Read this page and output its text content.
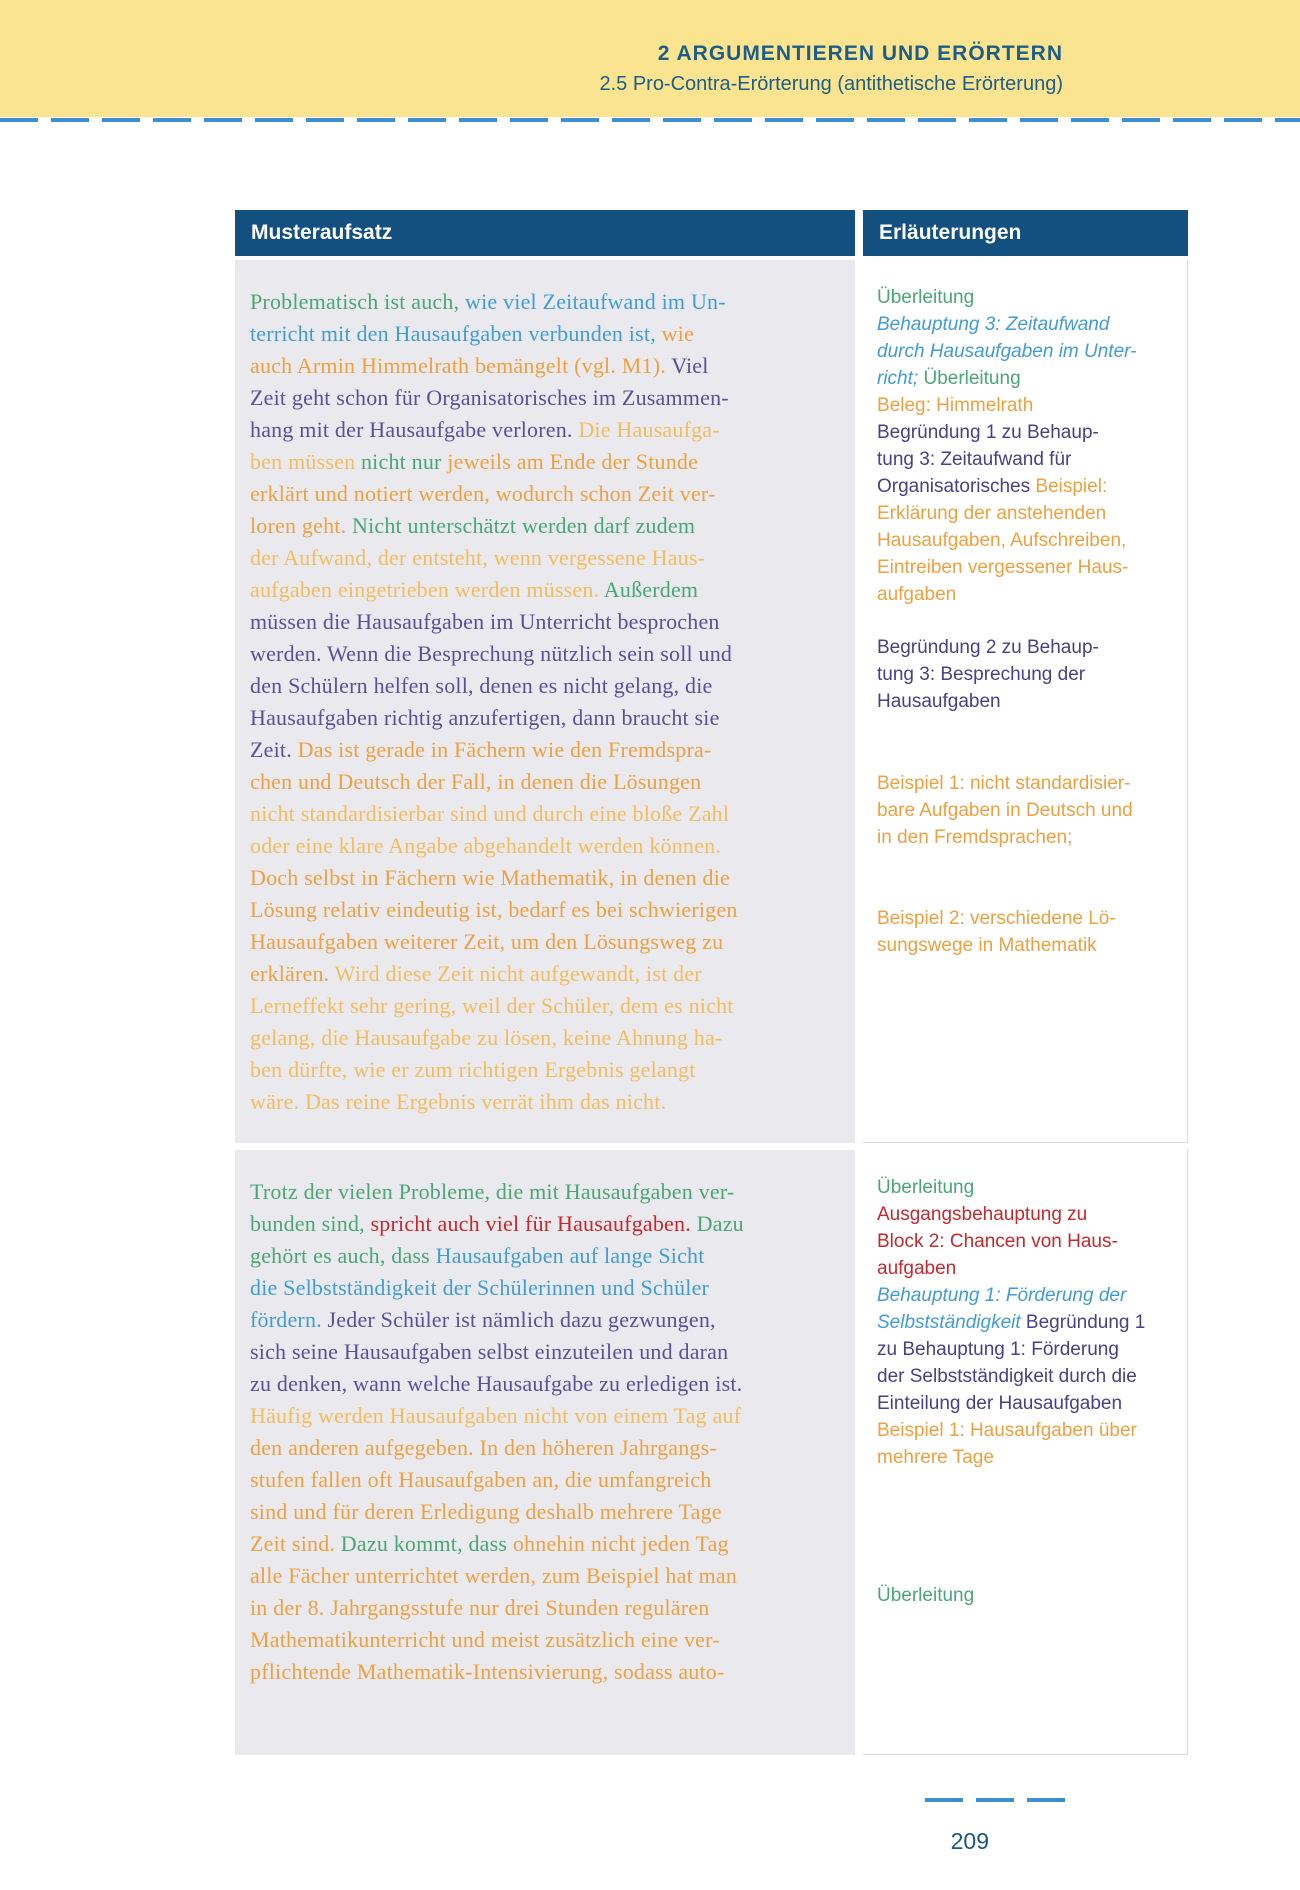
2 ARGUMENTIEREN UND ERÖRTERN
2.5 Pro-Contra-Erörterung (antithetische Erörterung)
Musteraufsatz	Erläuterungen
Problematisch ist auch, wie viel Zeitaufwand im Un-
terricht mit den Hausaufgaben verbunden ist, wie
auch Armin Himmelrath bemängelt (vgl. M1). Viel
Zeit geht schon für Organisatorisches im Zusammen-
hang mit der Hausaufgabe verloren. Die Hausaufga-
ben müssen nicht nur jeweils am Ende der Stunde
erklärt und notiert werden, wodurch schon Zeit ver-
loren geht. Nicht unterschätzt werden darf zudem
der Aufwand, der entsteht, wenn vergessene Haus-
aufgaben eingetrieben werden müssen. Außerdem
müssen die Hausaufgaben im Unterricht besprochen
werden. Wenn die Besprechung nützlich sein soll und
den Schülern helfen soll, denen es nicht gelang, die
Hausaufgaben richtig anzufertigen, dann braucht sie
Zeit. Das ist gerade in Fächern wie den Fremdspra-
chen und Deutsch der Fall, in denen die Lösungen
nicht standardisierbar sind und durch eine bloße Zahl
oder eine klare Angabe abgehandelt werden können.
Doch selbst in Fächern wie Mathematik, in denen die
Lösung relativ eindeutig ist, bedarf es bei schwierigen
Hausaufgaben weiterer Zeit, um den Lösungsweg zu
erklären. Wird diese Zeit nicht aufgewandt, ist der
Lerneffekt sehr gering, weil der Schüler, dem es nicht
gelang, die Hausaufgabe zu lösen, keine Ahnung ha-
ben dürfte, wie er zum richtigen Ergebnis gelangt
wäre. Das reine Ergebnis verrät ihm das nicht.
Überleitung
Behauptung 3: Zeitaufwand
durch Hausaufgaben im Unter-
richt; Überleitung
Beleg: Himmelrath
Begründung 1 zu Behaup-
tung 3: Zeitaufwand für
Organisatorisches Beispiel:
Erklärung der anstehenden
Hausaufgaben, Aufschreiben,
Eintreiben vergessener Haus-
aufgaben
Begründung 2 zu Behaup-
tung 3: Besprechung der
Hausaufgaben
Beispiel 1: nicht standardisier-
bare Aufgaben in Deutsch und
in den Fremdsprachen;
Beispiel 2: verschiedene Lö-
sungswege in Mathematik
Trotz der vielen Probleme, die mit Hausaufgaben ver-
bunden sind, spricht auch viel für Hausaufgaben. Dazu
gehört es auch, dass Hausaufgaben auf lange Sicht
die Selbstständigkeit der Schülerinnen und Schüler
fördern. Jeder Schüler ist nämlich dazu gezwungen,
sich seine Hausaufgaben selbst einzuteilen und daran
zu denken, wann welche Hausaufgabe zu erledigen ist.
Häufig werden Hausaufgaben nicht von einem Tag auf
den anderen aufgegeben. In den höheren Jahrgangs-
stufen fallen oft Hausaufgaben an, die umfangreich
sind und für deren Erledigung deshalb mehrere Tage
Zeit sind. Dazu kommt, dass ohnehin nicht jeden Tag
alle Fächer unterrichtet werden, zum Beispiel hat man
in der 8. Jahrgangsstufe nur drei Stunden regulären
Mathematikunterricht und meist zusätzlich eine ver-
pflichtende Mathematik-Intensivierung, sodass auto-
Überleitung
Ausgangsbehauptung zu
Block 2: Chancen von Haus-
aufgaben
Behauptung 1: Förderung der
Selbstständigkeit Begründung 1
zu Behauptung 1: Förderung
der Selbstständigkeit durch die
Einteilung der Hausaufgaben
Beispiel 1: Hausaufgaben über
mehrere Tage
Überleitung
209
